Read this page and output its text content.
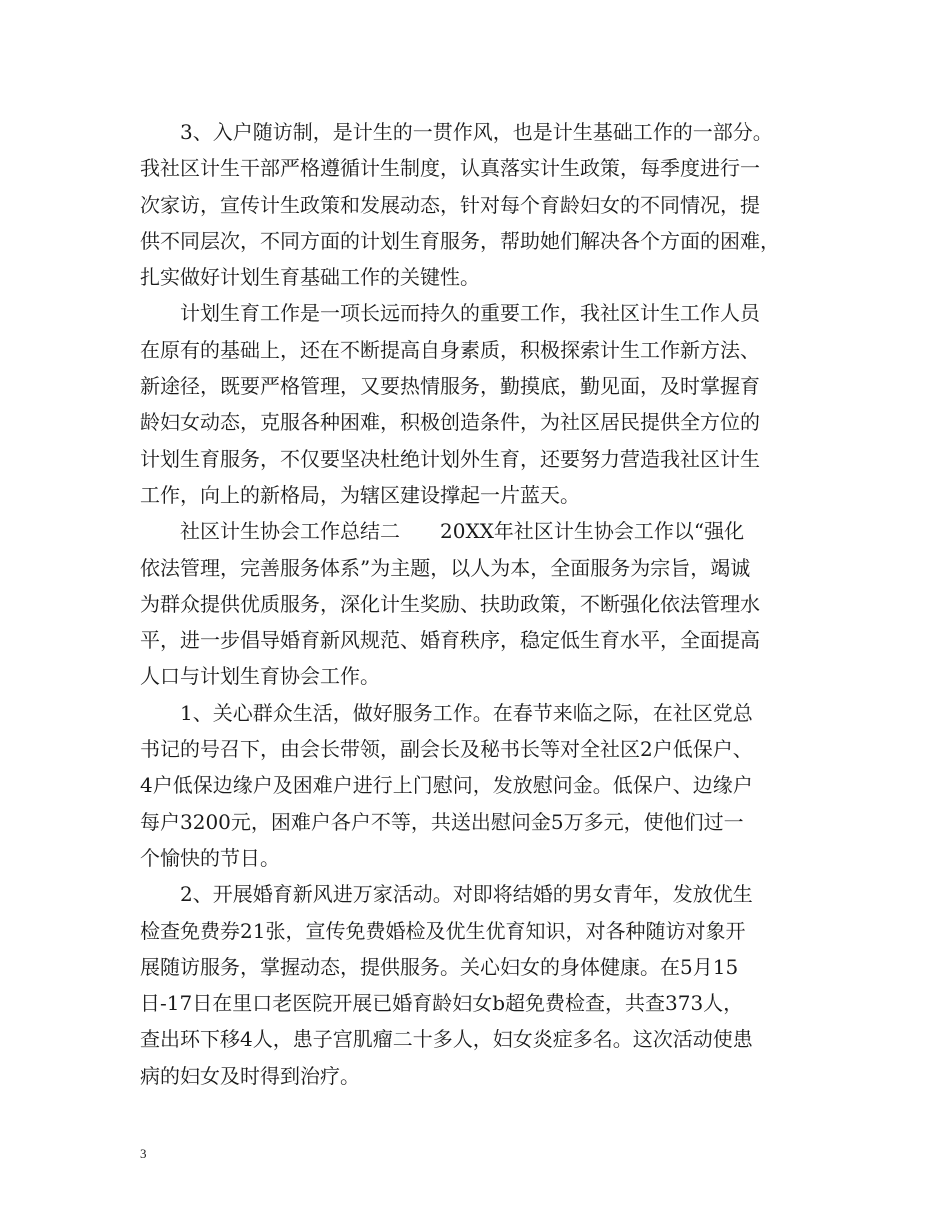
　　3、入户随访制，是计生的一贯作风，也是计生基础工作的一部分。
我社区计生干部严格遵循计生制度，认真落实计生政策，每季度进行一
次家访，宣传计生政策和发展动态，针对每个育龄妇女的不同情况，提
供不同层次，不同方面的计划生育服务，帮助她们解决各个方面的困难，
扎实做好计划生育基础工作的关键性。

　　计划生育工作是一项长远而持久的重要工作，我社区计生工作人员
在原有的基础上，还在不断提高自身素质，积极探索计生工作新方法、
新途径，既要严格管理，又要热情服务，勤摸底，勤见面，及时掌握育
龄妇女动态，克服各种困难，积极创造条件，为社区居民提供全方位的
计划生育服务，不仅要坚决杜绝计划外生育，还要努力营造我社区计生
工作，向上的新格局，为辖区建设撑起一片蓝天。

　　社区计生协会工作总结二　　20XX年社区计生协会工作以“强化
依法管理，完善服务体系”为主题，以人为本，全面服务为宗旨，竭诚
为群众提供优质服务，深化计生奖励、扶助政策，不断强化依法管理水
平，进一步倡导婚育新风规范、婚育秩序，稳定低生育水平，全面提高
人口与计划生育协会工作。

　　1、关心群众生活，做好服务工作。在春节来临之际，在社区党总
书记的号召下，由会长带领，副会长及秘书长等对全社区2户低保户、
4户低保边缘户及困难户进行上门慰问，发放慰问金。低保户、边缘户
每户3200元，困难户各户不等，共送出慰问金5万多元，使他们过一
个愉快的节日。

　　2、开展婚育新风进万家活动。对即将结婚的男女青年，发放优生
检查免费券21张，宣传免费婚检及优生优育知识，对各种随访对象开
展随访服务，掌握动态，提供服务。关心妇女的身体健康。在5月15
日-17日在里口老医院开展已婚育龄妇女b超免费检查，共查373人，
查出环下移4人，患子宫肌瘤二十多人，妇女炎症多名。这次活动使患
病的妇女及时得到治疗。

3
